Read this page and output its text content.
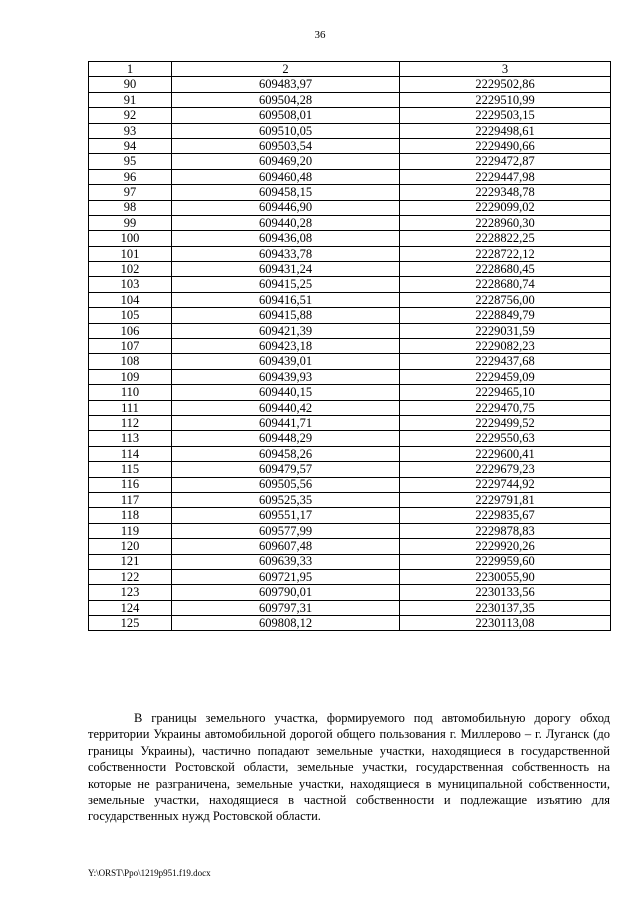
36
1	2	3
90	609483,97	2229502,86
91	609504,28	2229510,99
92	609508,01	2229503,15
93	609510,05	2229498,61
94	609503,54	2229490,66
95	609469,20	2229472,87
96	609460,48	2229447,98
97	609458,15	2229348,78
98	609446,90	2229099,02
99	609440,28	2228960,30
100	609436,08	2228822,25
101	609433,78	2228722,12
102	609431,24	2228680,45
103	609415,25	2228680,74
104	609416,51	2228756,00
105	609415,88	2228849,79
106	609421,39	2229031,59
107	609423,18	2229082,23
108	609439,01	2229437,68
109	609439,93	2229459,09
110	609440,15	2229465,10
111	609440,42	2229470,75
112	609441,71	2229499,52
113	609448,29	2229550,63
114	609458,26	2229600,41
115	609479,57	2229679,23
116	609505,56	2229744,92
117	609525,35	2229791,81
118	609551,17	2229835,67
119	609577,99	2229878,83
120	609607,48	2229920,26
121	609639,33	2229959,60
122	609721,95	2230055,90
123	609790,01	2230133,56
124	609797,31	2230137,35
125	609808,12	2230113,08

В границы земельного участка, формируемого под автомобильную дорогу обход территории Украины автомобильной дорогой общего пользования г. Миллерово – г. Луганск (до границы Украины), частично попадают земельные участки, находящиеся в государственной собственности Ростовской области, земельные участки, государственная собственность на которые не разграничена, земельные участки, находящиеся в муниципальной собственности, земельные участки, находящиеся в частной собственности и подлежащие изъятию для государственных нужд Ростовской области.

Y:\ORST\Ppo\1219p951.f19.docx
